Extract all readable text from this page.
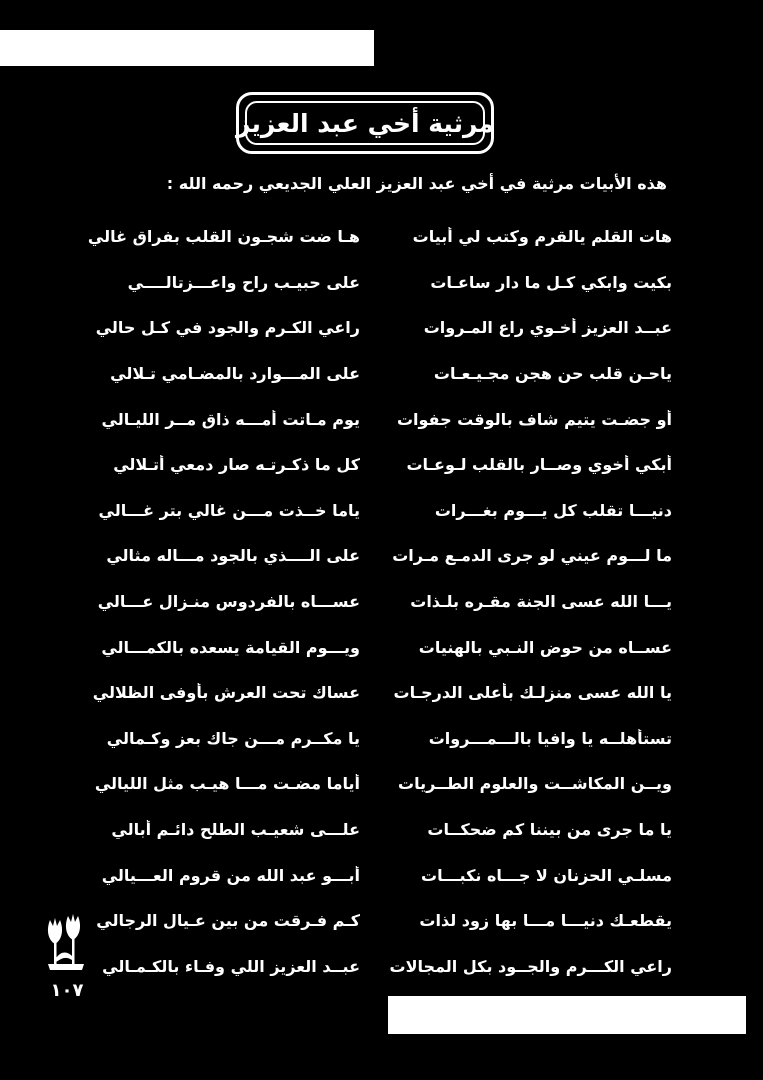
مرثية أخي عبد العزيز
هذه الأبيات مرثية في أخي عبد العزيز العلي الجديعي رحمه الله :
هات القلم يالقرم وكتب لي أبيات
هـا ضت شجـون القلب بفراق غالي
بكيت وابكي كـل ما دار ساعـات
على حبيـب راح واعـــزتالــــي
عبــد العزيز أخـوي راع المـروات
راعي الكـرم والجود في كـل حالي
ياحـن قلب حن هجن مجـيـعـات
على المـــوارد بالمضـامي تـلالي
أو جضـت يتيم شاف بالوقت جفوات
يوم مـاتت أمـــه ذاق مــر الليـالي
أبكي أخوي وصــار بالقلب لـوعـات
كل ما ذكـرتـه صار دمعي أتـلالي
دنيـــا تقلب كل يـــوم بغـــرات
ياما خــذت مـــن غالي بتر غـــالي
ما لـــوم عيني لو جرى الدمـع مـرات
على الــــذي بالجود مـــاله مثالي
يـــا الله عسى الجنة مقـره بلـذات
عســـاه بالفردوس منـزال عـــالي
عســاه من حوض النـبي بالهنيات
ويـــوم القيامة يسعده بالكمـــالي
يا الله عسى منزلـك بأعلى الدرجـات
عساك تحت العرش بأوفى الظلالي
تستأهلــه يا وافيا بالـــمـــروات
يا مكــرم مـــن جاك بعز وكـمالي
ويــن المكاشــت والعلوم الطــريات
أياما مضـت مـــا هيـب مثل الليالي
يا ما جرى من بيننا كم ضحكــات
علـــى شعيـب الطلح دائـم أبالي
مسلـي الحزنان لا جـــاه نكبـــات
أبـــو عبد الله من قروم العـــيالي
يقطعـك دنيـــا مـــا بها زود لذات
كـم فـرقت من بين عـيال الرجالي
راعي الكـــرم والجــود بكل المجالات
عبــد العزيز اللي وفـاء بالكـمـالي
١٠٧
